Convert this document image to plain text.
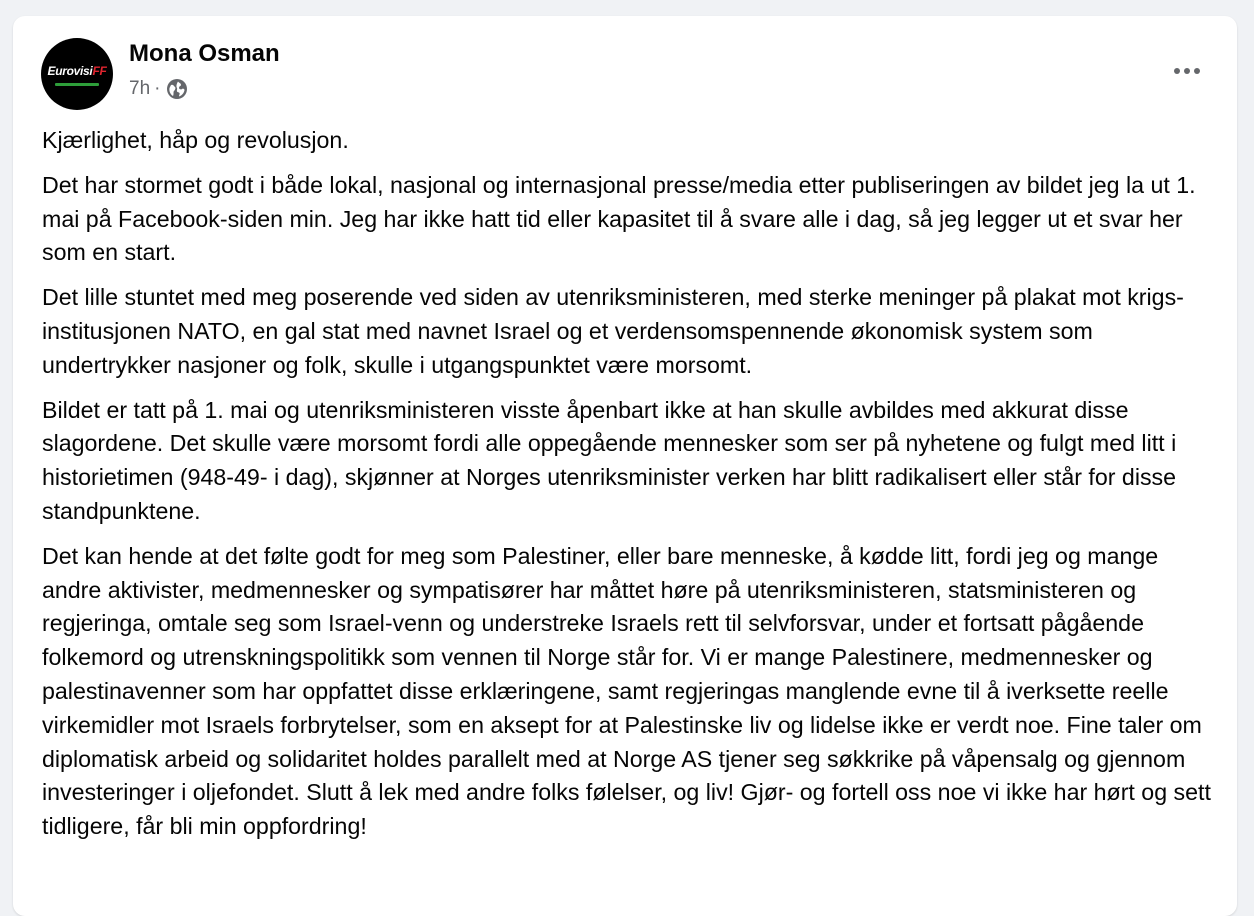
EurovisiFF
Mona Osman
7h ·

Kjærlighet, håp og revolusjon.

Det har stormet godt i både lokal, nasjonal og internasjonal presse/media etter publiseringen av bildet jeg la ut 1. mai på Facebook-siden min. Jeg har ikke hatt tid eller kapasitet til å svare alle i dag, så jeg legger ut et svar her som en start.

Det lille stuntet med meg poserende ved siden av utenriksministeren, med sterke meninger på plakat mot krigs-institusjonen NATO, en gal stat med navnet Israel og et verdensomspennende økonomisk system som undertrykker nasjoner og folk, skulle i utgangspunktet være morsomt.

Bildet er tatt på 1. mai og utenriksministeren visste åpenbart ikke at han skulle avbildes med akkurat disse slagordene. Det skulle være morsomt fordi alle oppegående mennesker som ser på nyhetene og fulgt med litt i historietimen (948-49- i dag), skjønner at Norges utenriksminister verken har blitt radikalisert eller står for disse standpunktene.

Det kan hende at det følte godt for meg som Palestiner, eller bare menneske, å kødde litt, fordi jeg og mange andre aktivister, medmennesker og sympatisører har måttet høre på utenriksministeren, statsministeren og regjeringa, omtale seg som Israel-venn og understreke Israels rett til selvforsvar, under et fortsatt pågående folkemord og utrenskningspolitikk som vennen til Norge står for. Vi er mange Palestinere, medmennesker og palestinavenner som har oppfattet disse erklæringene, samt regjeringas manglende evne til å iverksette reelle virkemidler mot Israels forbrytelser, som en aksept for at Palestinske liv og lidelse ikke er verdt noe. Fine taler om diplomatisk arbeid og solidaritet holdes parallelt med at Norge AS tjener seg søkkrike på våpensalg og gjennom investeringer i oljefondet. Slutt å lek med andre folks følelser, og liv! Gjør- og fortell oss noe vi ikke har hørt og sett tidligere, får bli min oppfordring!
